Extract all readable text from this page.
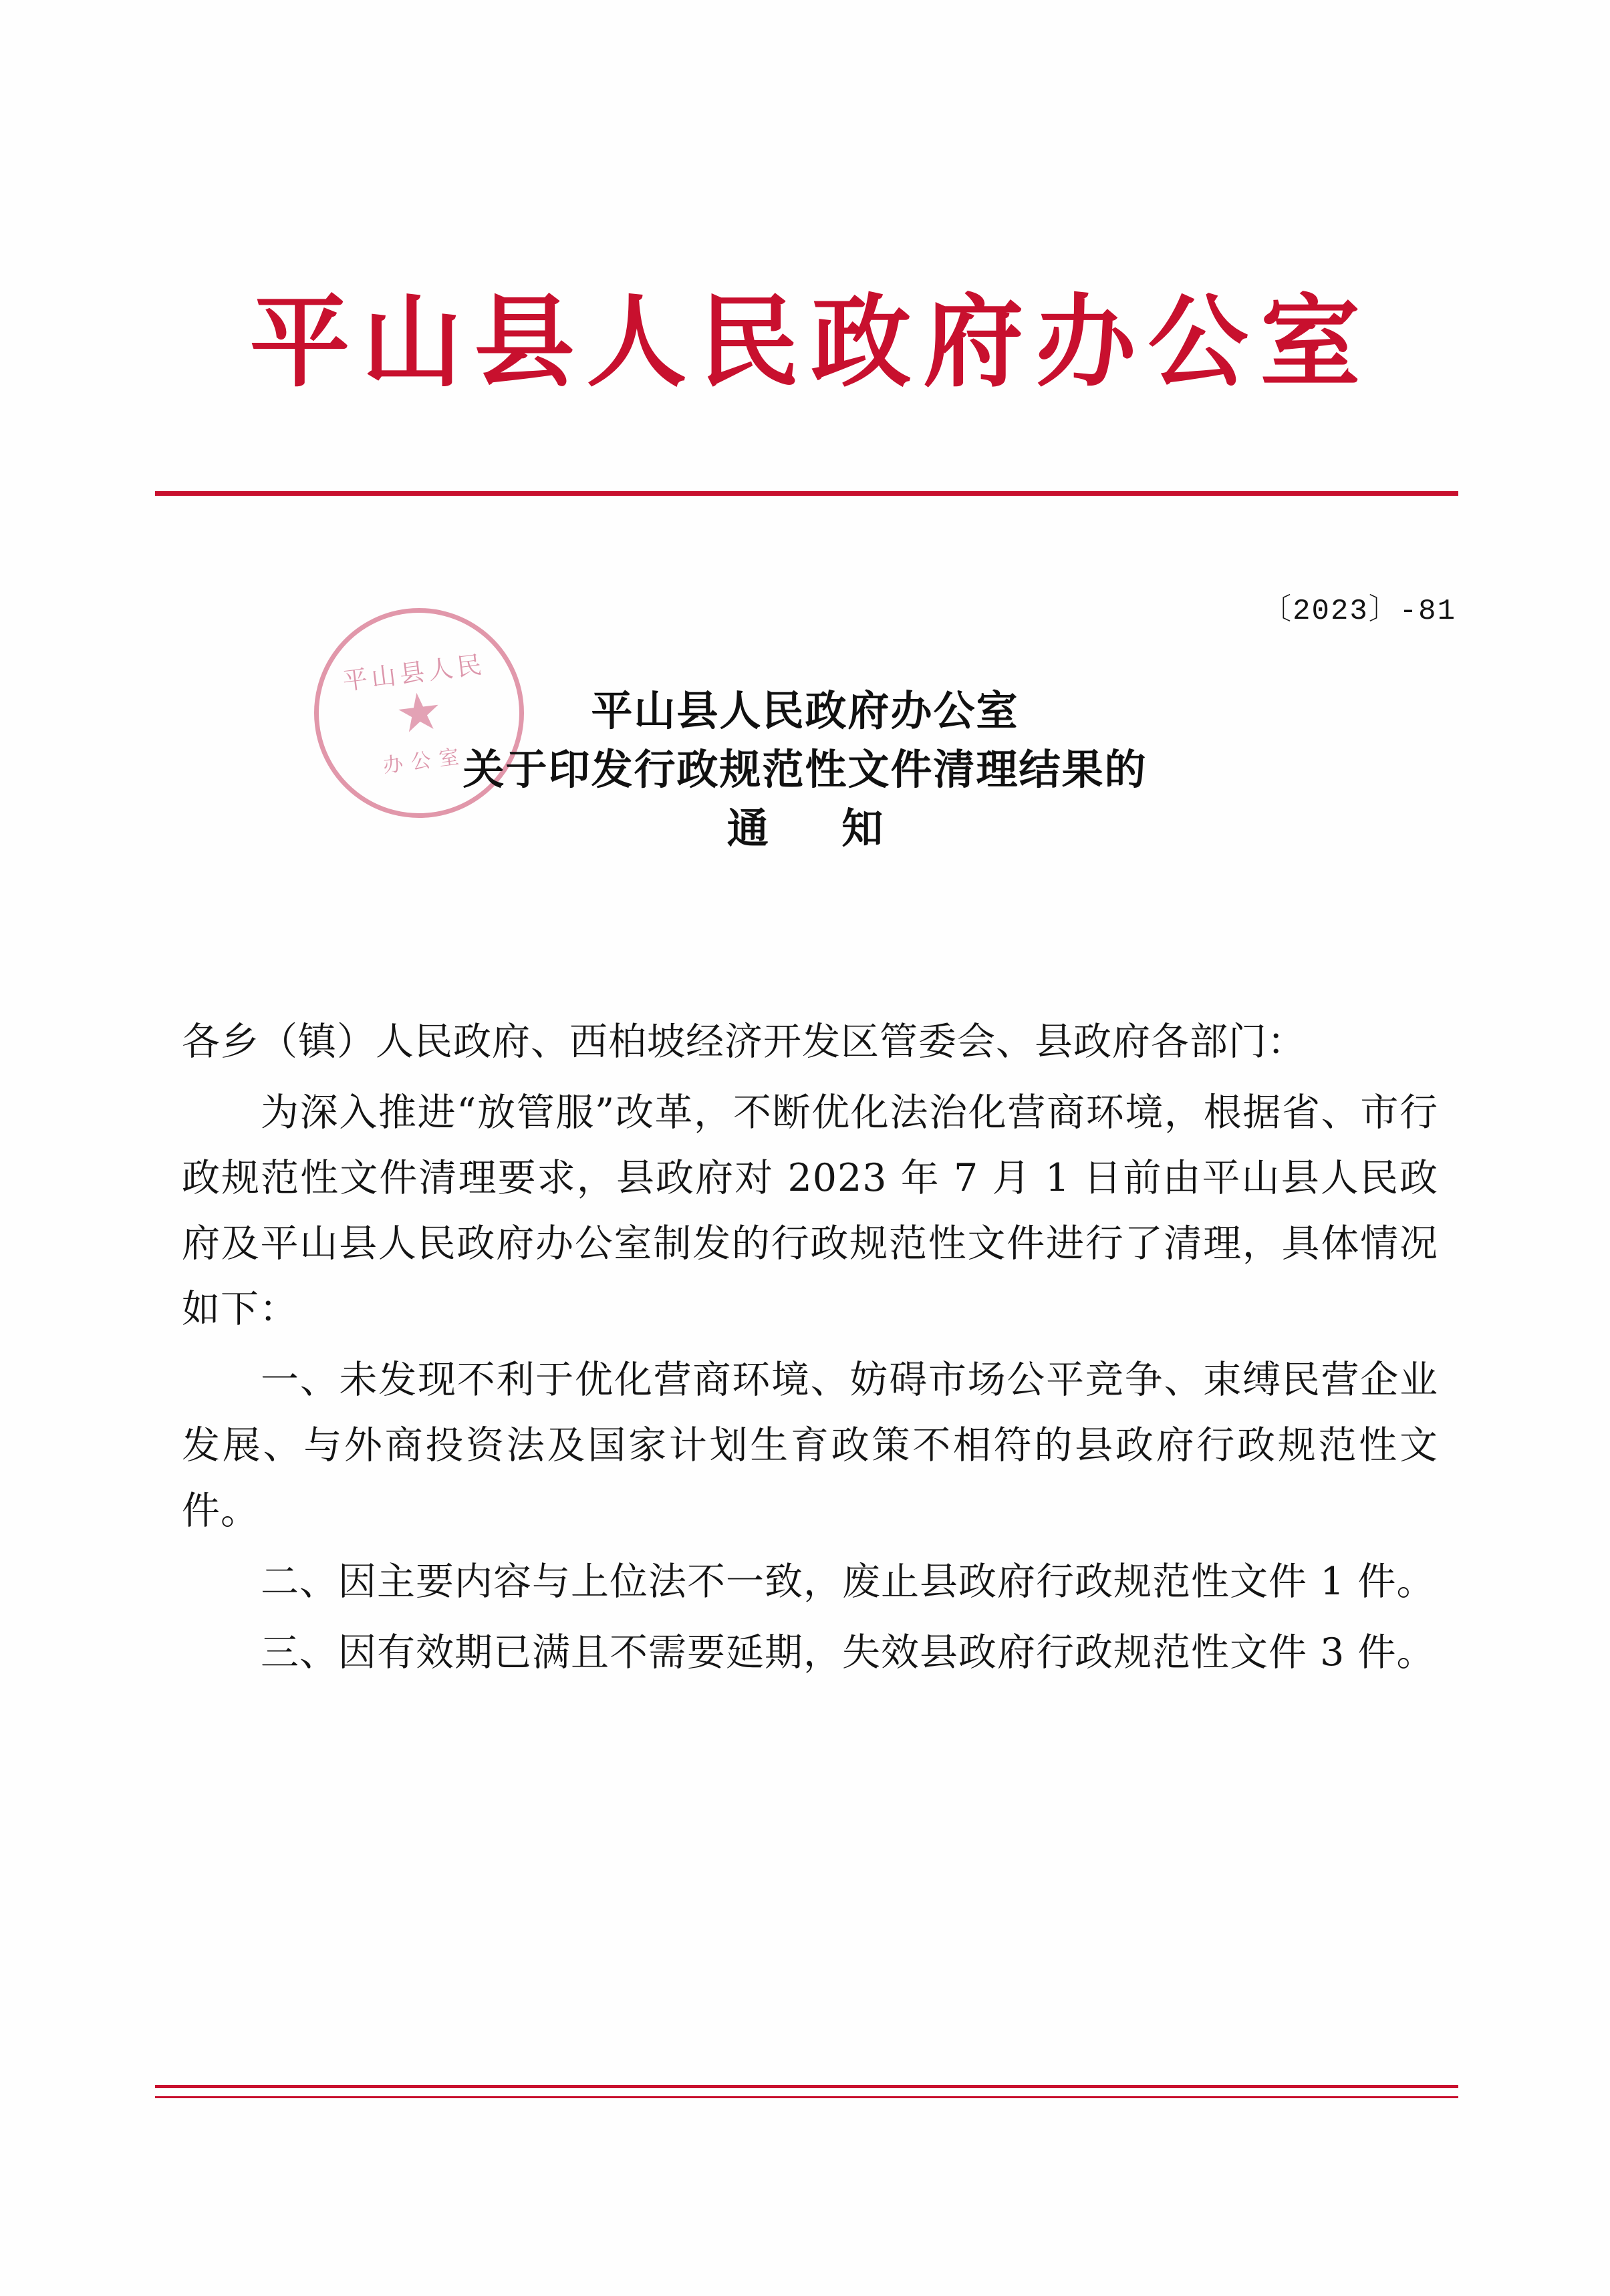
平山县人民政府办公室
〔2023〕-81
平山县人民
★
办公室
平山县人民政府办公室
关于印发行政规范性文件清理结果的
通 知

各乡（镇）人民政府、西柏坡经济开发区管委会、县政府各部门：

为深入推进“放管服”改革，不断优化法治化营商环境，根据省、市行政规范性文件清理要求，县政府对 2023 年 7 月 1 日前由平山县人民政府及平山县人民政府办公室制发的行政规范性文件进行了清理，具体情况如下：

一、未发现不利于优化营商环境、妨碍市场公平竞争、束缚民营企业发展、与外商投资法及国家计划生育政策不相符的县政府行政规范性文件。

二、因主要内容与上位法不一致，废止县政府行政规范性文件 1 件。

三、因有效期已满且不需要延期，失效县政府行政规范性文件 3 件。
